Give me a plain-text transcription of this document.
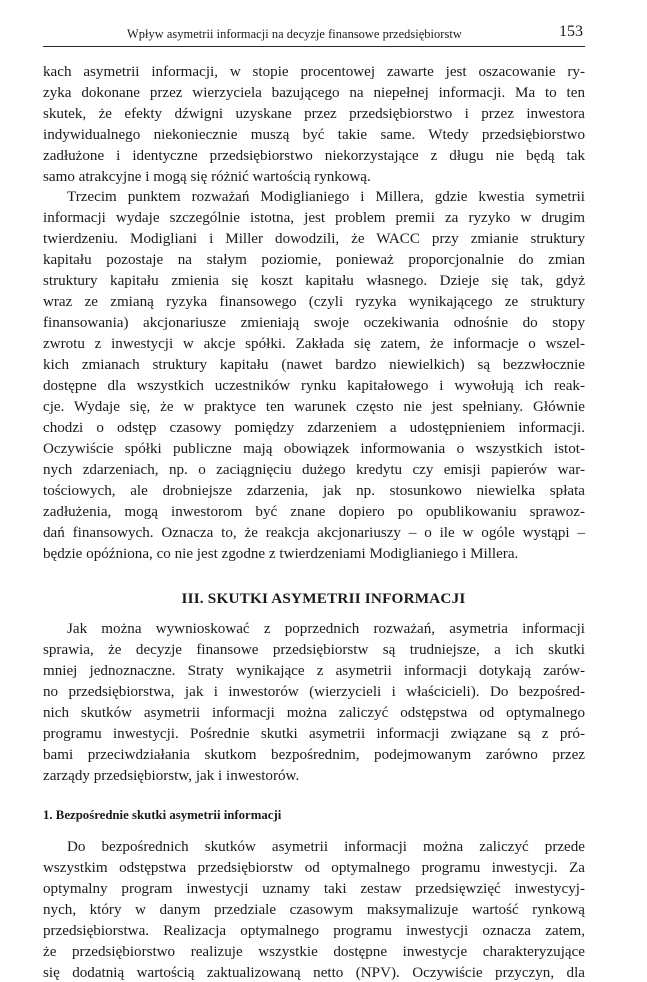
Wpływ asymetrii informacji na decyzje finansowe przedsiębiorstw	153
kach asymetrii informacji, w stopie procentowej zawarte jest oszacowanie ry-
zyka dokonane przez wierzyciela bazującego na niepełnej informacji. Ma to ten
skutek, że efekty dźwigni uzyskane przez przedsiębiorstwo i przez inwestora
indywidualnego niekoniecznie muszą być takie same. Wtedy przedsiębiorstwo
zadłużone i identyczne przedsiębiorstwo niekorzystające z długu nie będą tak
samo atrakcyjne i mogą się różnić wartością rynkową.
Trzecim punktem rozważań Modiglianiego i Millera, gdzie kwestia symetrii
informacji wydaje szczególnie istotna, jest problem premii za ryzyko w drugim
twierdzeniu. Modigliani i Miller dowodzili, że WACC przy zmianie struktury
kapitału pozostaje na stałym poziomie, ponieważ proporcjonalnie do zmian
struktury kapitału zmienia się koszt kapitału własnego. Dzieje się tak, gdyż
wraz ze zmianą ryzyka finansowego (czyli ryzyka wynikającego ze struktury
finansowania) akcjonariusze zmieniają swoje oczekiwania odnośnie do stopy
zwrotu z inwestycji w akcje spółki. Zakłada się zatem, że informacje o wszel-
kich zmianach struktury kapitału (nawet bardzo niewielkich) są bezzwłocznie
dostępne dla wszystkich uczestników rynku kapitałowego i wywołują ich reak-
cje. Wydaje się, że w praktyce ten warunek często nie jest spełniany. Głównie
chodzi o odstęp czasowy pomiędzy zdarzeniem a udostępnieniem informacji.
Oczywiście spółki publiczne mają obowiązek informowania o wszystkich istot-
nych zdarzeniach, np. o zaciągnięciu dużego kredytu czy emisji papierów war-
tościowych, ale drobniejsze zdarzenia, jak np. stosunkowo niewielka spłata
zadłużenia, mogą inwestorom być znane dopiero po opublikowaniu sprawoz-
dań finansowych. Oznacza to, że reakcja akcjonariuszy – o ile w ogóle wystąpi –
będzie opóźniona, co nie jest zgodne z twierdzeniami Modiglianiego i Millera.
III. SKUTKI ASYMETRII INFORMACJI
Jak można wywnioskować z poprzednich rozważań, asymetria informacji
sprawia, że decyzje finansowe przedsiębiorstw są trudniejsze, a ich skutki
mniej jednoznaczne. Straty wynikające z asymetrii informacji dotykają zarów-
no przedsiębiorstwa, jak i inwestorów (wierzycieli i właścicieli). Do bezpośred-
nich skutków asymetrii informacji można zaliczyć odstępstwa od optymalnego
programu inwestycji. Pośrednie skutki asymetrii informacji związane są z pró-
bami przeciwdziałania skutkom bezpośrednim, podejmowanym zarówno przez
zarządy przedsiębiorstw, jak i inwestorów.
1. Bezpośrednie skutki asymetrii informacji
Do bezpośrednich skutków asymetrii informacji można zaliczyć przede
wszystkim odstępstwa przedsiębiorstw od optymalnego programu inwestycji. Za
optymalny program inwestycji uznamy taki zestaw przedsięwzięć inwestycyj-
nych, który w danym przedziale czasowym maksymalizuje wartość rynkową
przedsiębiorstwa. Realizacja optymalnego programu inwestycji oznacza zatem,
że przedsiębiorstwo realizuje wszystkie dostępne inwestycje charakteryzujące
się dodatnią wartością zaktualizowaną netto (NPV). Oczywiście przyczyn, dla
